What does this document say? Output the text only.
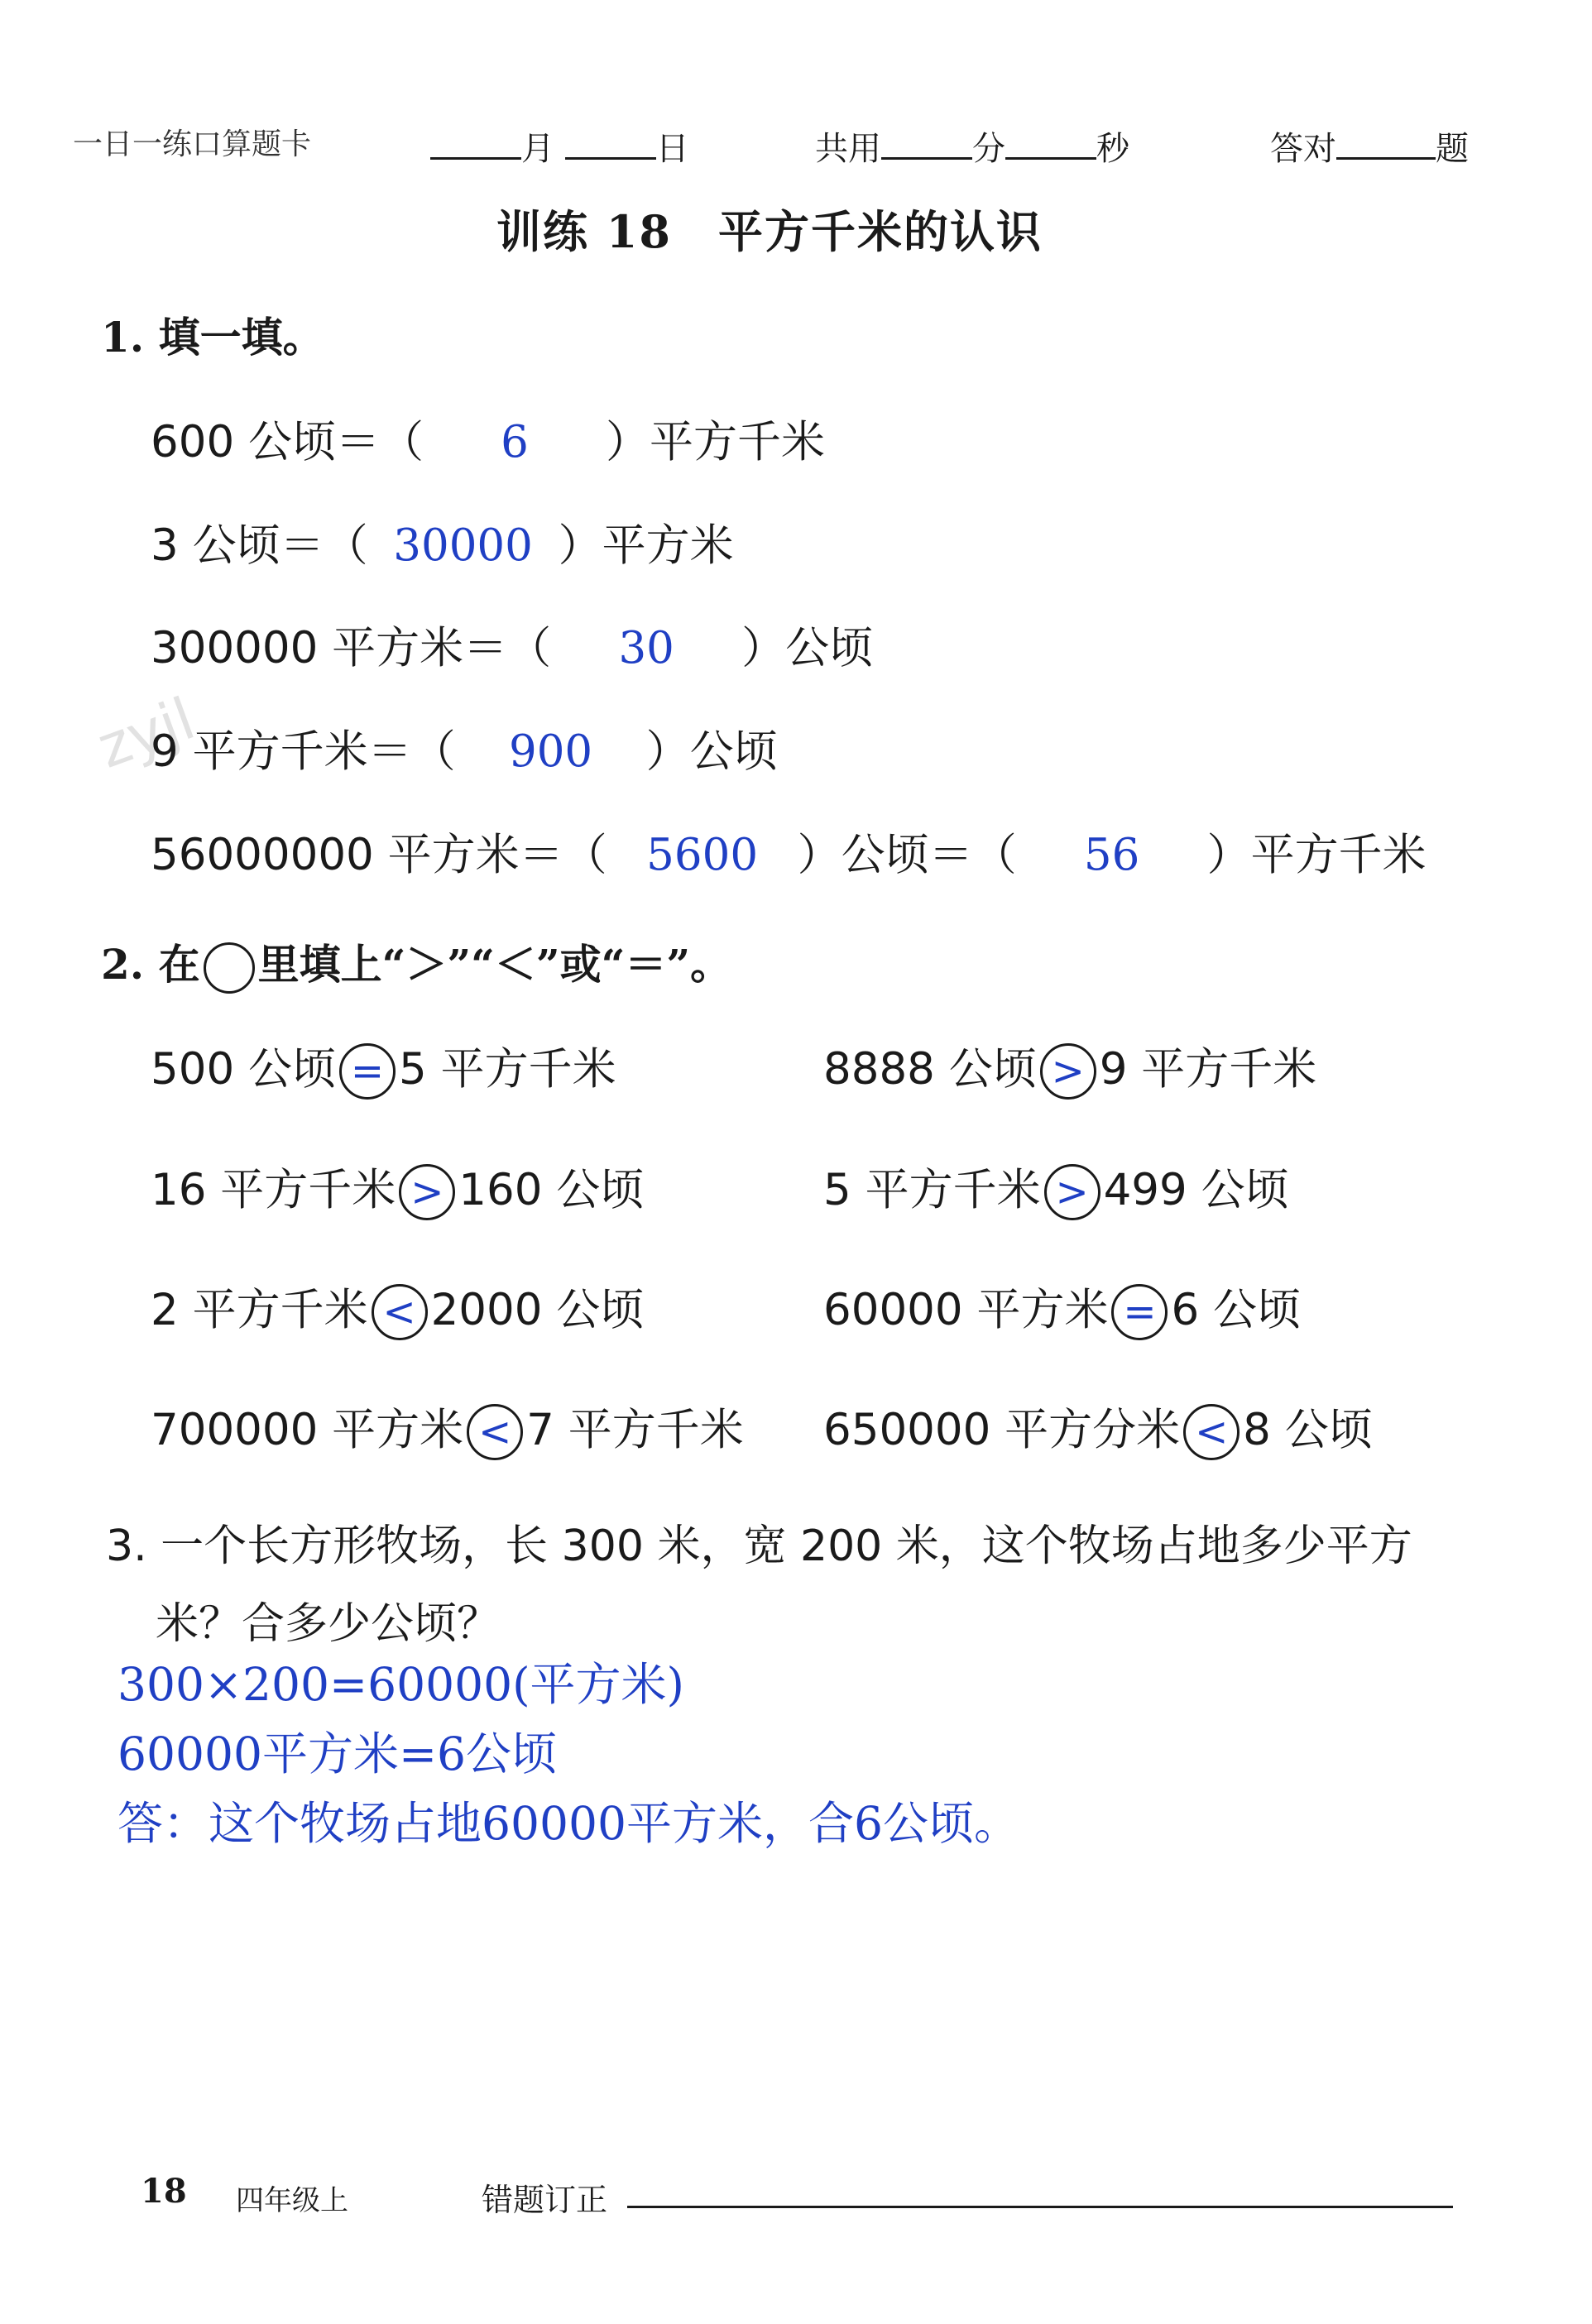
一日一练口算题卡	月	日	共用	分	秒	答对	题
训练 18　平方千米的认识
zyjl
1. 填一填。
600 公顷＝（ 6 ）平方千米
3 公顷＝（ 30000 ）平方米
300000 平方米＝（ 30 ）公顷
9 平方千米＝（ 900 ）公顷
56000000 平方米＝（ 5600 ）公顷＝（ 56 ）平方千米
2. 在 里填上“＞”“＜”或“＝”。
500 公顷 = 5 平方千米	8888 公顷 > 9 平方千米
16 平方千米 > 160 公顷	5 平方千米 > 499 公顷
2 平方千米 < 2000 公顷	60000 平方米 = 6 公顷
700000 平方米 < 7 平方千米 650000 平方分米 < 8 公顷
3. 一个长方形牧场，长 300 米，宽 200 米，这个牧场占地多少平方
米？合多少公顷？
300×200=60000(平方米)
60000平方米=6公顷
答：这个牧场占地60000平方米，合6公顷。
18 四年级上	错题订正
